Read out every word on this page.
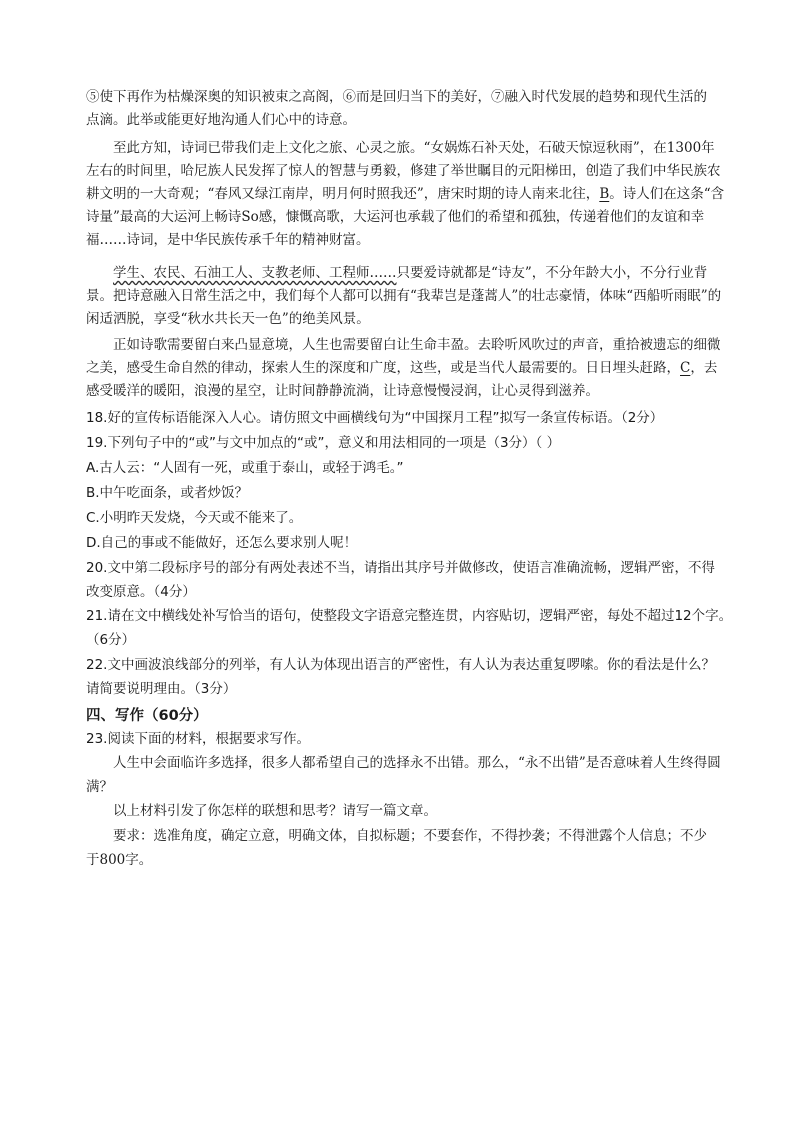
⑤使下再作为枯燥深奥的知识被束之高阁，⑥而是回归当下的美好，⑦融入时代发展的趋势和现代生活的
点滴。此举或能更好地沟通人们心中的诗意。
至此方知，诗词已带我们走上文化之旅、心灵之旅。“女娲炼石补天处，石破天惊逗秋雨”，在1300年左右的时间里，哈尼族人民发挥了惊人的智慧与勇毅，修建了举世瞩目的元阳梯田，创造了我们中华民族农耕文明的一大奇观；“春风又绿江南岸，明月何时照我还”，唐宋时期的诗人南来北往，B。诗人们在这条“含诗量”最高的大运河上畅诗So感，慷慨高歌，大运河也承载了他们的希望和孤独，传递着他们的友谊和幸福……诗词，是中华民族传承千年的精神财富。
学生、农民、石油工人、支教老师、工程师……只要爱诗就都是“诗友”，不分年龄大小，不分行业背景。把诗意融入日常生活之中，我们每个人都可以拥有“我辈岂是蓬蒿人”的壮志豪情，体味“西船听雨眠”的闲适洒脱，享受“秋水共长天一色”的绝美风景。
正如诗歌需要留白来凸显意境，人生也需要留白让生命丰盈。去聆听风吹过的声音，重拾被遗忘的细微之美，感受生命自然的律动，探索人生的深度和广度，这些，或是当代人最需要的。日日埋头赶路，C，去感受暖洋的暖阳，浪漫的星空，让时间静静流淌，让诗意慢慢浸润，让心灵得到滋养。
18.好的宣传标语能深入人心。请仿照文中画横线句为“中国探月工程”拟写一条宣传标语。（2分）
19.下列句子中的“或”与文中加点的“或”，意义和用法相同的一项是（3分）（ ）
A.古人云：“人固有一死，或重于泰山，或轻于鸿毛。”
B.中午吃面条，或者炒饭？
C.小明昨天发烧，今天或不能来了。
D.自己的事或不能做好，还怎么要求别人呢！
20.文中第二段标序号的部分有两处表述不当，请指出其序号并做修改，使语言准确流畅，逻辑严密，不得
改变原意。（4分）
21.请在文中横线处补写恰当的语句，使整段文字语意完整连贯，内容贴切，逻辑严密，每处不超过12个字。
（6分）
22.文中画波浪线部分的列举，有人认为体现出语言的严密性，有人认为表达重复啰嗦。你的看法是什么？
请简要说明理由。（3分）
四、写作（60分）
23.阅读下面的材料，根据要求写作。
人生中会面临许多选择，很多人都希望自己的选择永不出错。那么，“永不出错”是否意味着人生终得圆
满？
以上材料引发了你怎样的联想和思考？请写一篇文章。
要求：选准角度，确定立意，明确文体，自拟标题；不要套作，不得抄袭；不得泄露个人信息；不少
于800字。
